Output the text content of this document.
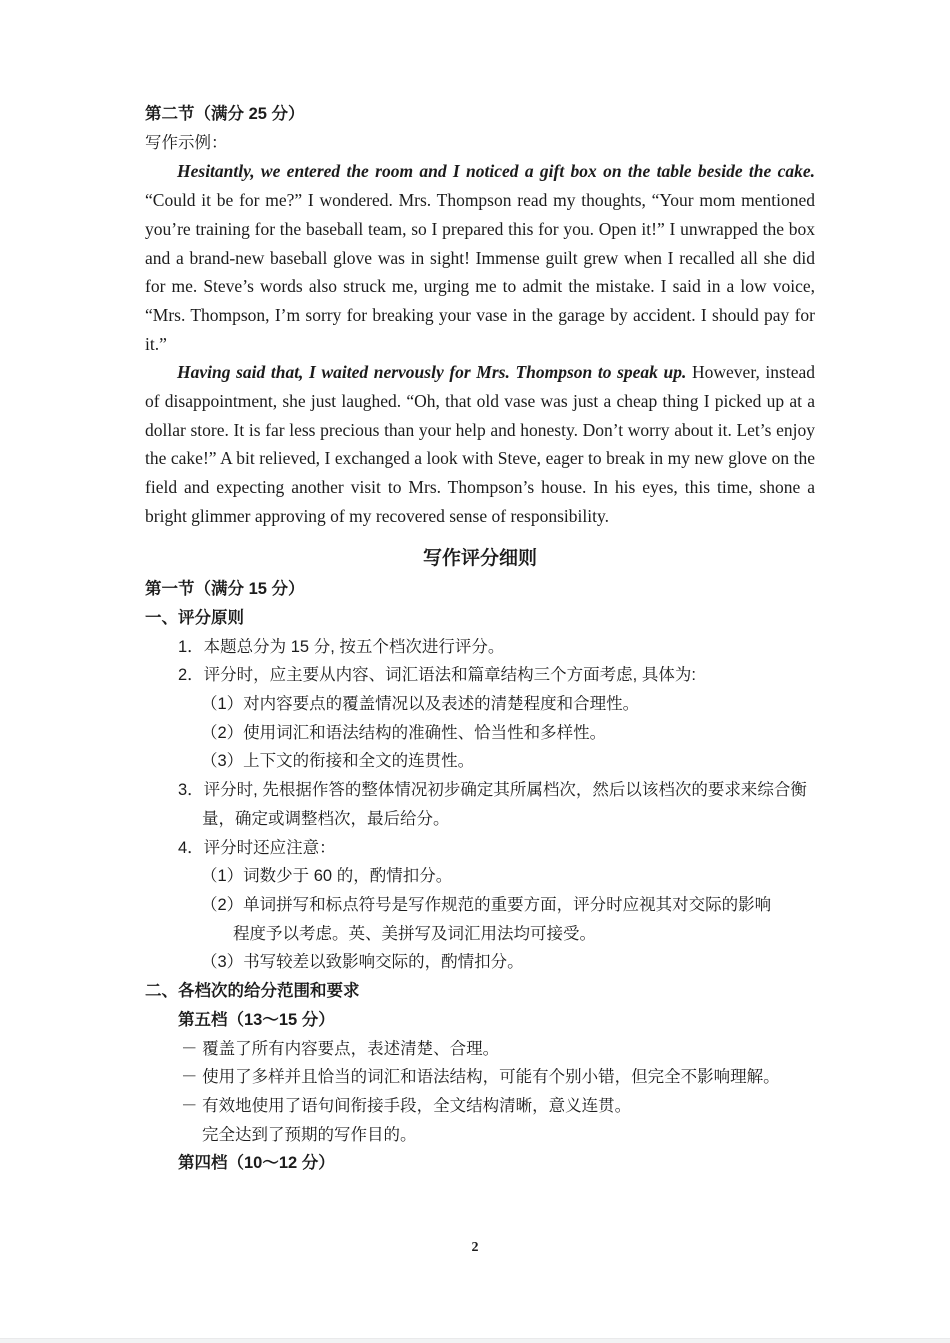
第二节（满分 25 分）
写作示例：

Hesitantly, we entered the room and I noticed a gift box on the table beside the cake. “Could it be for me?” I wondered. Mrs. Thompson read my thoughts, “Your mom mentioned you’re training for the baseball team, so I prepared this for you. Open it!” I unwrapped the box and a brand-new baseball glove was in sight! Immense guilt grew when I recalled all she did for me. Steve’s words also struck me, urging me to admit the mistake. I said in a low voice, “Mrs. Thompson, I’m sorry for breaking your vase in the garage by accident. I should pay for it.”

Having said that, I waited nervously for Mrs. Thompson to speak up. However, instead of disappointment, she just laughed. “Oh, that old vase was just a cheap thing I picked up at a dollar store. It is far less precious than your help and honesty. Don’t worry about it. Let’s enjoy the cake!” A bit relieved, I exchanged a look with Steve, eager to break in my new glove on the field and expecting another visit to Mrs. Thompson’s house. In his eyes, this time, shone a bright glimmer approving of my recovered sense of responsibility.

写作评分细则
第一节（满分 15 分）
一、评分原则
1．本题总分为 15 分, 按五个档次进行评分。
2．评分时，应主要从内容、词汇语法和篇章结构三个方面考虑, 具体为:
（1）对内容要点的覆盖情况以及表述的清楚程度和合理性。
（2）使用词汇和语法结构的准确性、恰当性和多样性。
（3）上下文的衔接和全文的连贯性。
3．评分时, 先根据作答的整体情况初步确定其所属档次，然后以该档次的要求来综合衡
量，确定或调整档次，最后给分。
4．评分时还应注意：
（1）词数少于 60 的，酌情扣分。
（2）单词拼写和标点符号是写作规范的重要方面，评分时应视其对交际的影响
程度予以考虑。英、美拼写及词汇用法均可接受。
（3）书写较差以致影响交际的，酌情扣分。
二、各档次的给分范围和要求
第五档（13～15 分）
－ 覆盖了所有内容要点，表述清楚、合理。
－ 使用了多样并且恰当的词汇和语法结构，可能有个别小错，但完全不影响理解。
－ 有效地使用了语句间衔接手段，全文结构清晰，意义连贯。
完全达到了预期的写作目的。
第四档（10～12 分）
2
